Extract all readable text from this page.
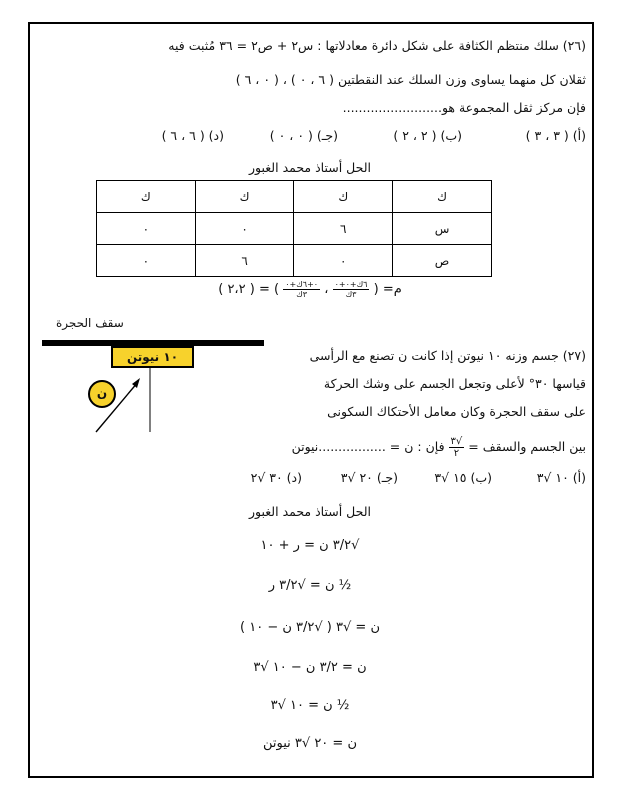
(٢٦) سلك منتظم الكثافة على شكل دائرة معادلاتها : س٢ + ص٢ = ٣٦ مُثبت فيه
ثقلان كل منهما يساوى وزن السلك عند النقطتين ( ٦ ، ٠ ) ، ( ٠ ، ٦ )
فإن مركز ثقل المجموعة هو.........................
(أ) ( ٣ ، ٣ )
(ب) ( ٢ ، ٢ )
(جـ) ( ٠ ، ٠ )
(د) ( ٦ ، ٦ )
الحل أستاذ محمد الغبور
ك	ك	ك	ك
س	٦	٠	٠
ص	٠	٦	٠
م= (
$\frac{\text{٦ك+٠+٠}}{\text{٣ك}}$
،
$\frac{\text{٠+٦ك+٠}}{\text{٣ك}}$
) = ( ٢،٢ )
سقف الحجرة
١٠ نيوتن
ن
(٢٧) جسم وزنه ١٠ نيوتن إذا كانت ن تصنع مع الرأسى
قياسها ٣٠° لأعلى وتجعل الجسم على وشك الحركة
على سقف الحجرة وكان معامل الأحتكاك السكونى
بين الجسم والسقف =
$\frac{√٣}{٢}$
فإن : ن = .................نيوتن
(أ) ١٠ √٣
(ب) ١٥ √٣
(جـ) ٢٠ √٣
(د) ٣٠ √٢
الحل أستاذ محمد الغبور
√٣/٢ ن = ر + ١٠
½ ن = √٣/٢ ر
ن = √٣ ( √٣/٢ ن − ١٠ )
ن = ٣/٢ ن − ١٠ √٣
½ ن = ١٠ √٣
ن = ٢٠ √٣ نيوتن
